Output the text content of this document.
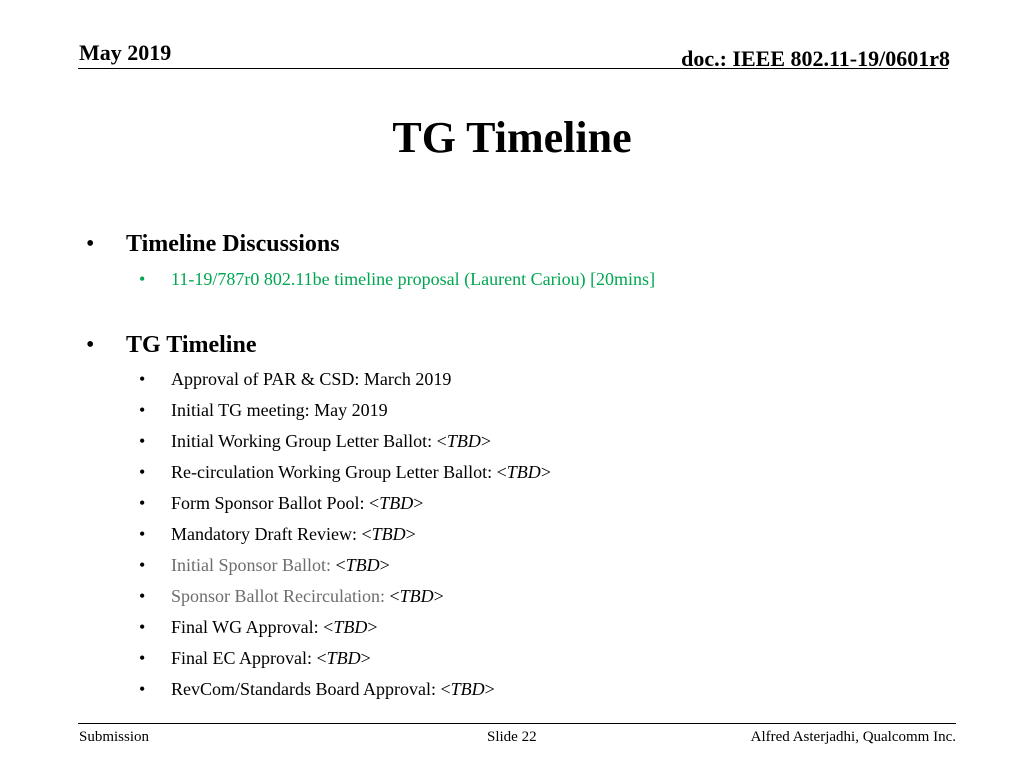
May 2019	doc.: IEEE 802.11-19/0601r8
TG Timeline
• Timeline Discussions
• 11-19/787r0 802.11be timeline proposal (Laurent Cariou) [20mins]
• TG Timeline
• Approval of PAR & CSD: March 2019
• Initial TG meeting: May 2019
• Initial Working Group Letter Ballot: <TBD>
• Re-circulation Working Group Letter Ballot: <TBD>
• Form Sponsor Ballot Pool: <TBD>
• Mandatory Draft Review: <TBD>
• Initial Sponsor Ballot: <TBD>
• Sponsor Ballot Recirculation: <TBD>
• Final WG Approval: <TBD>
• Final EC Approval: <TBD>
• RevCom/Standards Board Approval: <TBD>
Submission	Slide 22	Alfred Asterjadhi, Qualcomm Inc.
